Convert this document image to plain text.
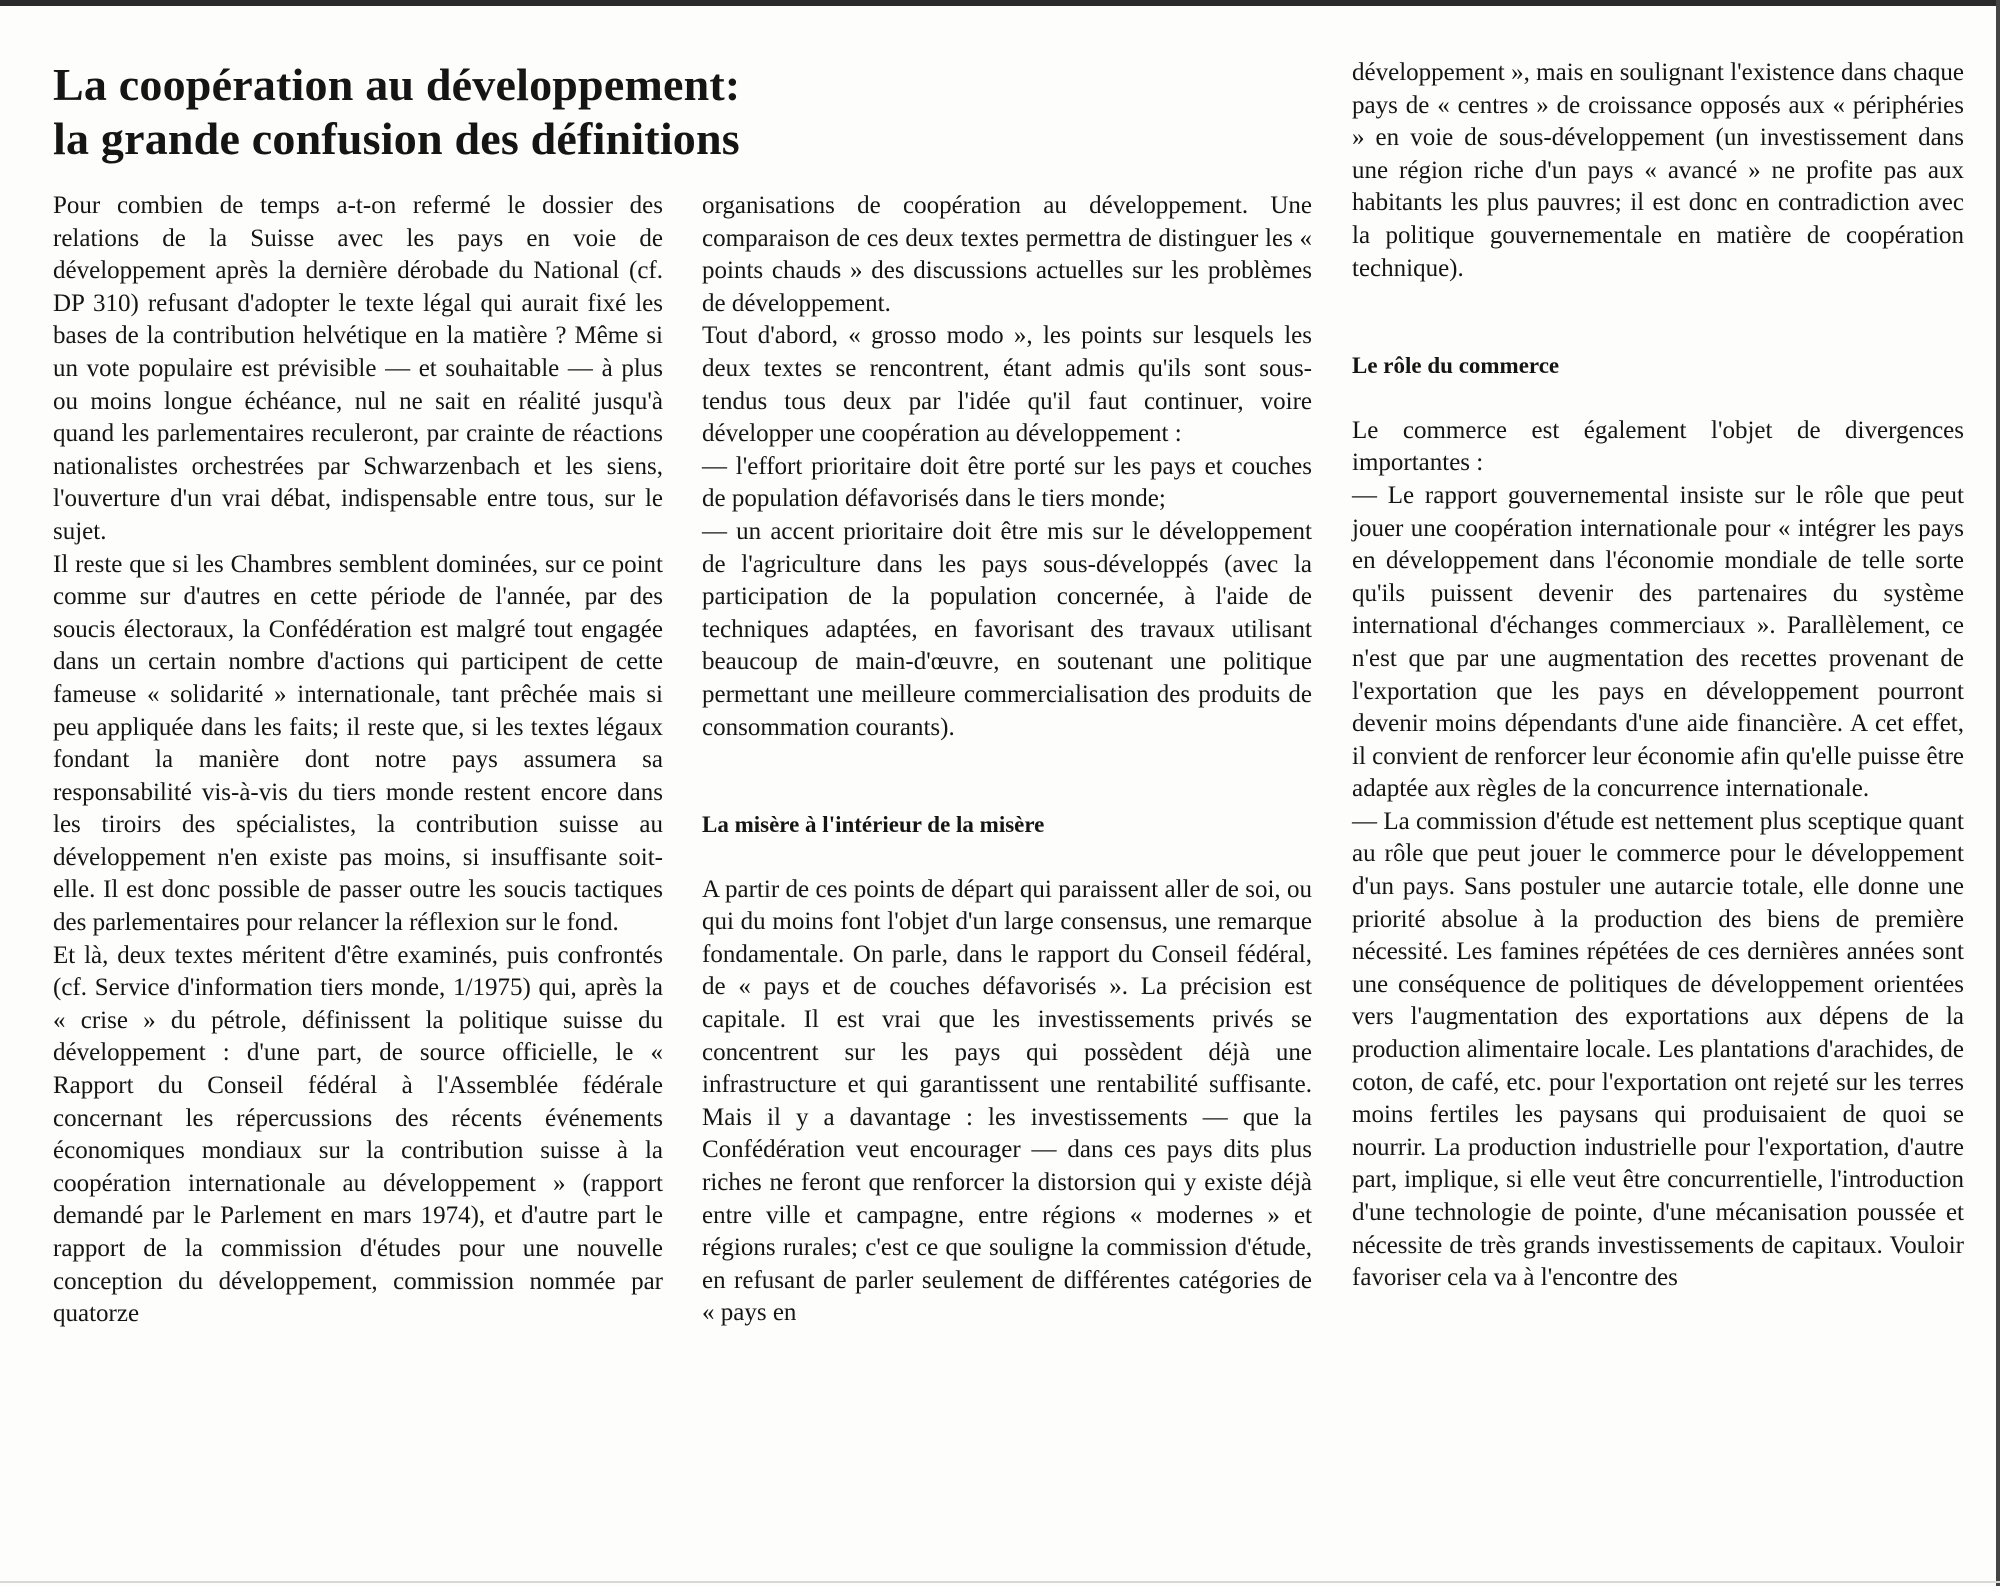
La coopération au développement:
la grande confusion des définitions

Pour combien de temps a-t-on refermé le dossier des relations de la Suisse avec les pays en voie de développement après la dernière dérobade du National (cf. DP 310) refusant d'adopter le texte légal qui aurait fixé les bases de la contribution helvétique en la matière ? Même si un vote populaire est prévisible — et souhaitable — à plus ou moins longue échéance, nul ne sait en réalité jusqu'à quand les parlementaires reculeront, par crainte de réactions nationalistes orchestrées par Schwarzenbach et les siens, l'ouverture d'un vrai débat, indispensable entre tous, sur le sujet.

Il reste que si les Chambres semblent dominées, sur ce point comme sur d'autres en cette période de l'année, par des soucis électoraux, la Confédération est malgré tout engagée dans un certain nombre d'actions qui participent de cette fameuse « solidarité » internationale, tant prêchée mais si peu appliquée dans les faits; il reste que, si les textes légaux fondant la manière dont notre pays assumera sa responsabilité vis-à-vis du tiers monde restent encore dans les tiroirs des spécialistes, la contribution suisse au développement n'en existe pas moins, si insuffisante soit-elle. Il est donc possible de passer outre les soucis tactiques des parlementaires pour relancer la réflexion sur le fond.

Et là, deux textes méritent d'être examinés, puis confrontés (cf. Service d'information tiers monde, 1/1975) qui, après la « crise » du pétrole, définissent la politique suisse du développement : d'une part, de source officielle, le « Rapport du Conseil fédéral à l'Assemblée fédérale concernant les répercussions des récents événements économiques mondiaux sur la contribution suisse à la coopération internationale au développement » (rapport demandé par le Parlement en mars 1974), et d'autre part le rapport de la commission d'études pour une nouvelle conception du développement, commission nommée par quatorze

organisations de coopération au développement. Une comparaison de ces deux textes permettra de distinguer les « points chauds » des discussions actuelles sur les problèmes de développement.

Tout d'abord, « grosso modo », les points sur lesquels les deux textes se rencontrent, étant admis qu'ils sont sous-tendus tous deux par l'idée qu'il faut continuer, voire développer une coopération au développement :

— l'effort prioritaire doit être porté sur les pays et couches de population défavorisés dans le tiers monde;

— un accent prioritaire doit être mis sur le développement de l'agriculture dans les pays sous-développés (avec la participation de la population concernée, à l'aide de techniques adaptées, en favorisant des travaux utilisant beaucoup de main-d'œuvre, en soutenant une politique permettant une meilleure commercialisation des produits de consommation courants).

La misère à l'intérieur de la misère

A partir de ces points de départ qui paraissent aller de soi, ou qui du moins font l'objet d'un large consensus, une remarque fondamentale. On parle, dans le rapport du Conseil fédéral, de « pays et de couches défavorisés ». La précision est capitale. Il est vrai que les investissements privés se concentrent sur les pays qui possèdent déjà une infrastructure et qui garantissent une rentabilité suffisante. Mais il y a davantage : les investissements — que la Confédération veut encourager — dans ces pays dits plus riches ne feront que renforcer la distorsion qui y existe déjà entre ville et campagne, entre régions « modernes » et régions rurales; c'est ce que souligne la commission d'étude, en refusant de parler seulement de différentes catégories de « pays en

développement », mais en soulignant l'existence dans chaque pays de « centres » de croissance opposés aux « périphéries » en voie de sous-développement (un investissement dans une région riche d'un pays « avancé » ne profite pas aux habitants les plus pauvres; il est donc en contradiction avec la politique gouvernementale en matière de coopération technique).

Le rôle du commerce

Le commerce est également l'objet de divergences importantes :

— Le rapport gouvernemental insiste sur le rôle que peut jouer une coopération internationale pour « intégrer les pays en développement dans l'économie mondiale de telle sorte qu'ils puissent devenir des partenaires du système international d'échanges commerciaux ». Parallèlement, ce n'est que par une augmentation des recettes provenant de l'exportation que les pays en développement pourront devenir moins dépendants d'une aide financière. A cet effet, il convient de renforcer leur économie afin qu'elle puisse être adaptée aux règles de la concurrence internationale.

— La commission d'étude est nettement plus sceptique quant au rôle que peut jouer le commerce pour le développement d'un pays. Sans postuler une autarcie totale, elle donne une priorité absolue à la production des biens de première nécessité. Les famines répétées de ces dernières années sont une conséquence de politiques de développement orientées vers l'augmentation des exportations aux dépens de la production alimentaire locale. Les plantations d'arachides, de coton, de café, etc. pour l'exportation ont rejeté sur les terres moins fertiles les paysans qui produisaient de quoi se nourrir. La production industrielle pour l'exportation, d'autre part, implique, si elle veut être concurrentielle, l'introduction d'une technologie de pointe, d'une mécanisation poussée et nécessite de très grands investissements de capitaux. Vouloir favoriser cela va à l'encontre des
